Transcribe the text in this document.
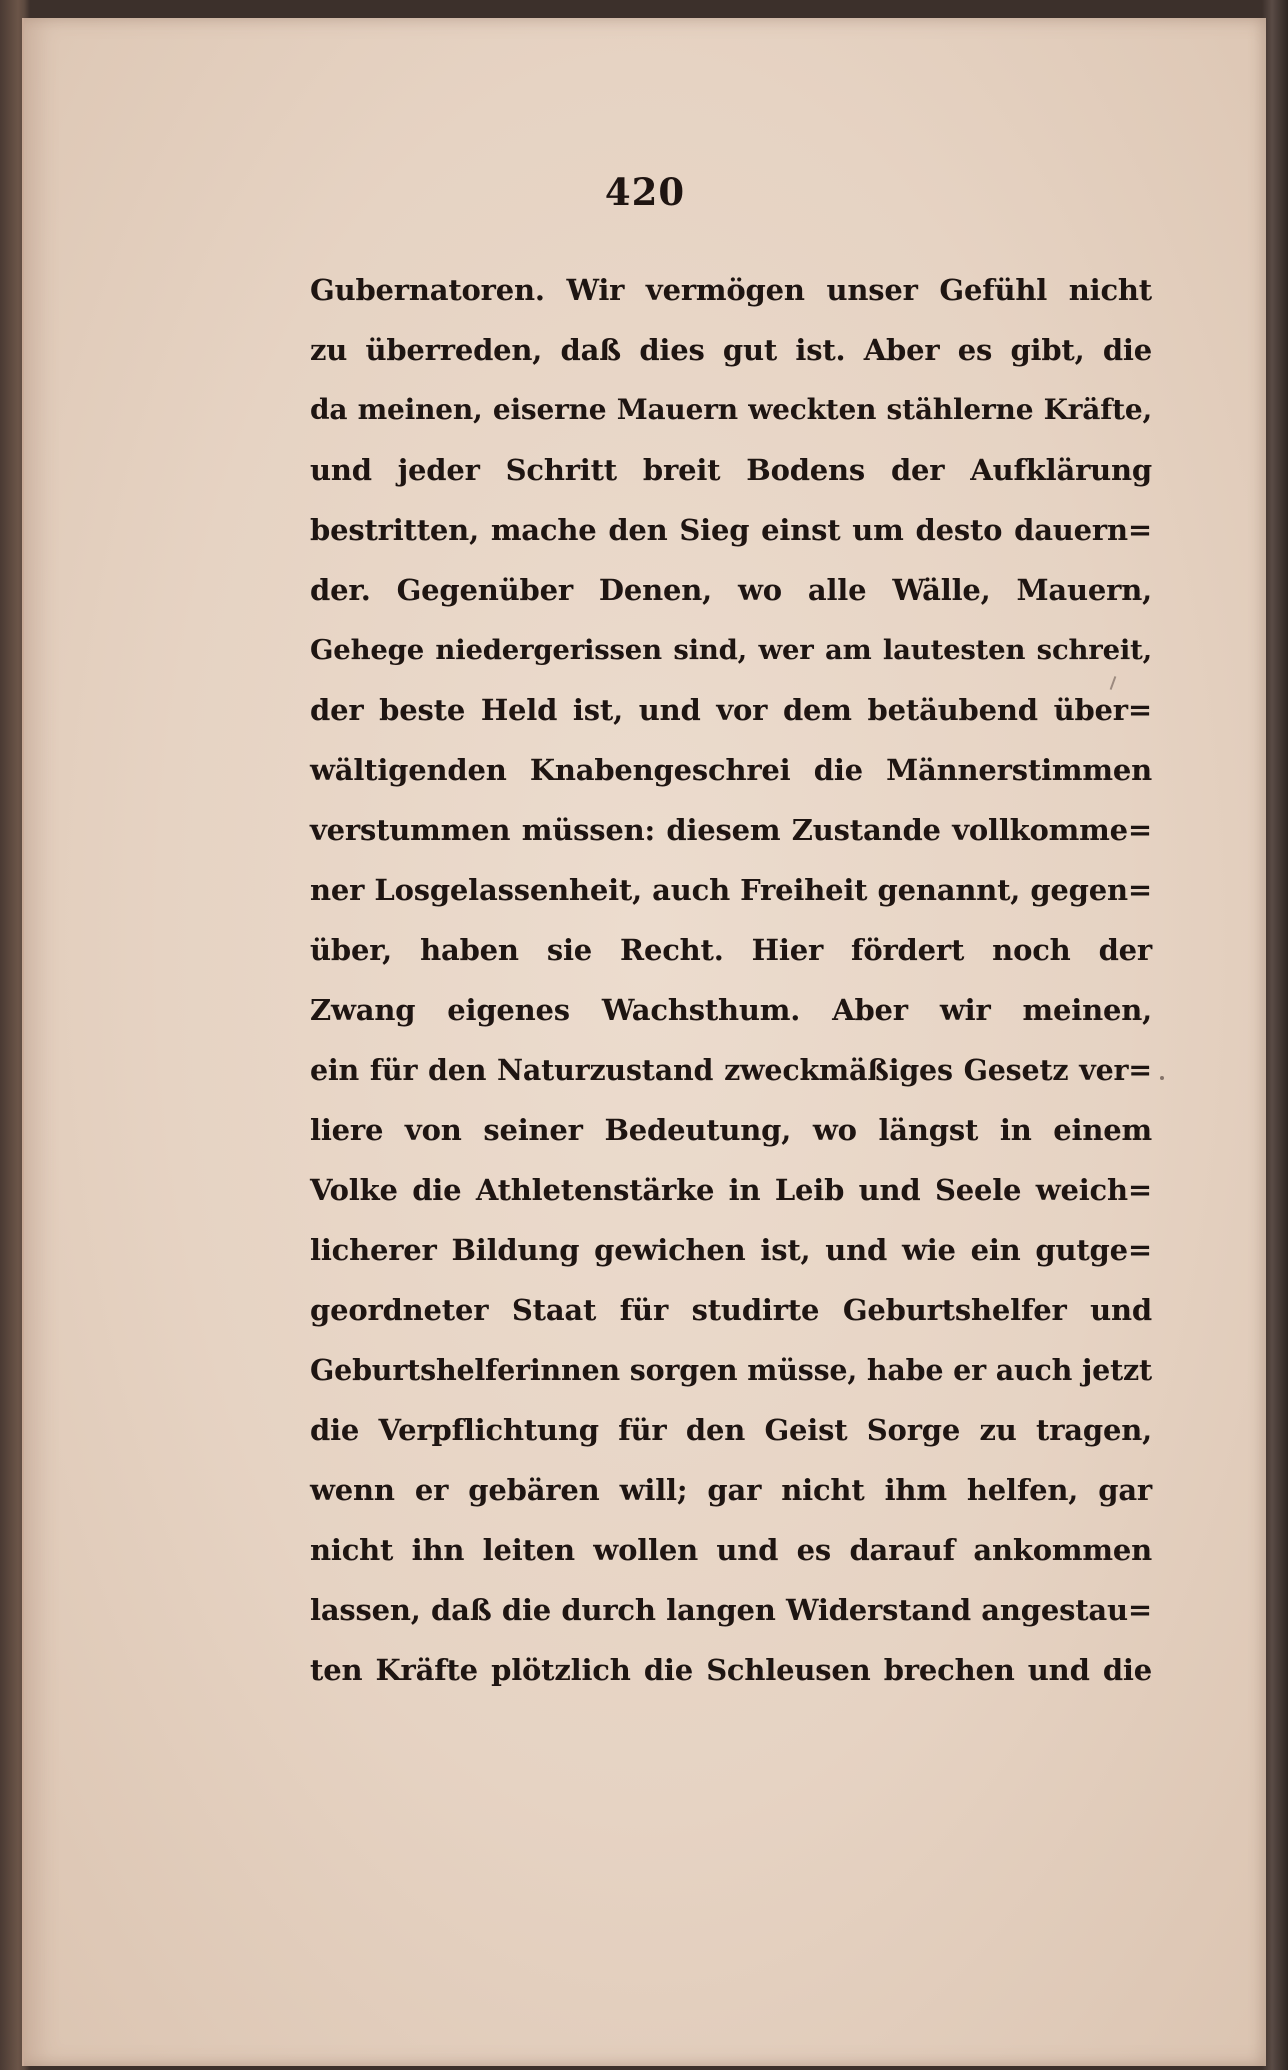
420
Gubernatoren. Wir vermögen unser Gefühl nicht
zu überreden, daß dies gut ist. Aber es gibt, die
da meinen, eiserne Mauern weckten stählerne Kräfte,
und jeder Schritt breit Bodens der Aufklärung
bestritten, mache den Sieg einst um desto dauern=
der. Gegenüber Denen, wo alle Wälle, Mauern,
Gehege niedergerissen sind, wer am lautesten schreit,
der beste Held ist, und vor dem betäubend über=
wältigenden Knabengeschrei die Männerstimmen
verstummen müssen: diesem Zustande vollkomme=
ner Losgelassenheit, auch Freiheit genannt, gegen=
über, haben sie Recht. Hier fördert noch der
Zwang eigenes Wachsthum. Aber wir meinen,
ein für den Naturzustand zweckmäßiges Gesetz ver=
liere von seiner Bedeutung, wo längst in einem
Volke die Athletenstärke in Leib und Seele weich=
licherer Bildung gewichen ist, und wie ein gutge=
geordneter Staat für studirte Geburtshelfer und
Geburtshelferinnen sorgen müsse, habe er auch jetzt
die Verpflichtung für den Geist Sorge zu tragen,
wenn er gebären will; gar nicht ihm helfen, gar
nicht ihn leiten wollen und es darauf ankommen
lassen, daß die durch langen Widerstand angestau=
ten Kräfte plötzlich die Schleusen brechen und die
